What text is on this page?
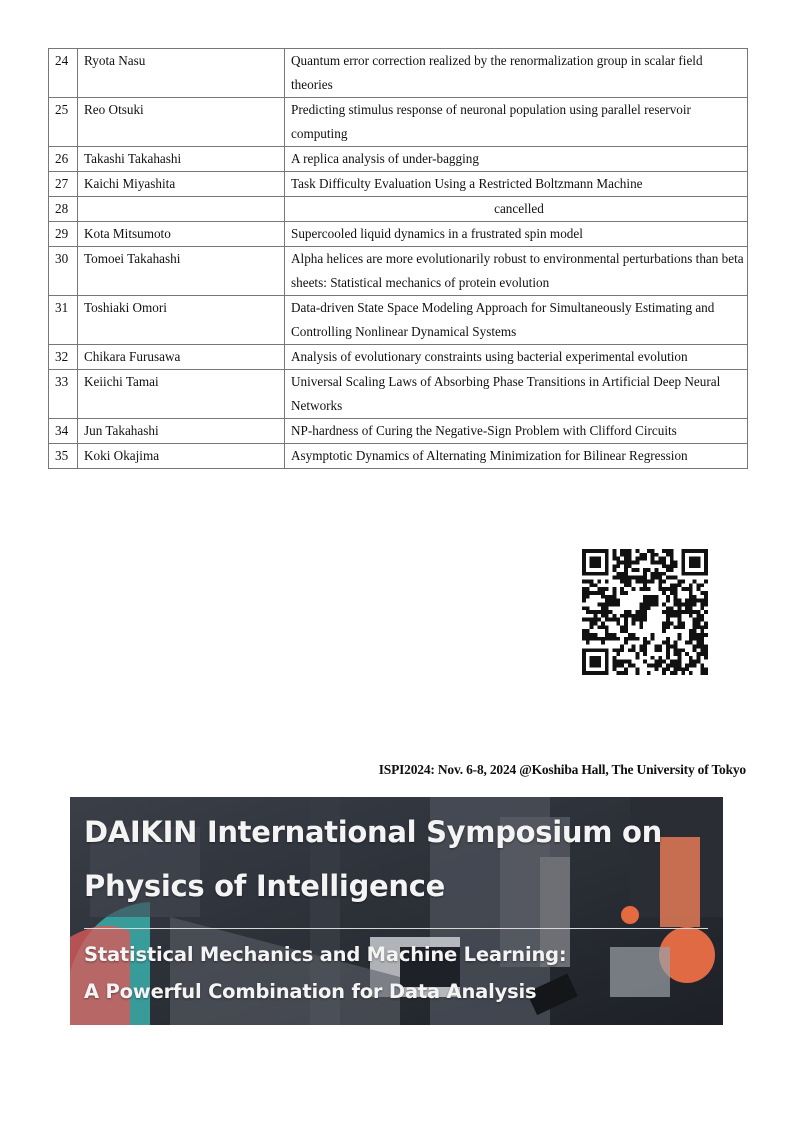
24	Ryota Nasu	Quantum error correction realized by the renormalization group in scalar field theories
25	Reo Otsuki	Predicting stimulus response of neuronal population using parallel reservoir computing
26	Takashi Takahashi	A replica analysis of under-bagging
27	Kaichi Miyashita	Task Difficulty Evaluation Using a Restricted Boltzmann Machine
28		cancelled
29	Kota Mitsumoto	Supercooled liquid dynamics in a frustrated spin model
30	Tomoei Takahashi	Alpha helices are more evolutionarily robust to environmental perturbations than beta sheets: Statistical mechanics of protein evolution
31	Toshiaki Omori	Data-driven State Space Modeling Approach for Simultaneously Estimating and Controlling Nonlinear Dynamical Systems
32	Chikara Furusawa	Analysis of evolutionary constraints using bacterial experimental evolution
33	Keiichi Tamai	Universal Scaling Laws of Absorbing Phase Transitions in Artificial Deep Neural Networks
34	Jun Takahashi	NP-hardness of Curing the Negative-Sign Problem with Clifford Circuits
35	Koki Okajima	Asymptotic Dynamics of Alternating Minimization for Bilinear Regression
ISPI2024: Nov. 6-8, 2024 @Koshiba Hall, The University of Tokyo
DAIKIN International Symposium on
Physics of Intelligence
Statistical Mechanics and Machine Learning:
A Powerful Combination for Data Analysis
